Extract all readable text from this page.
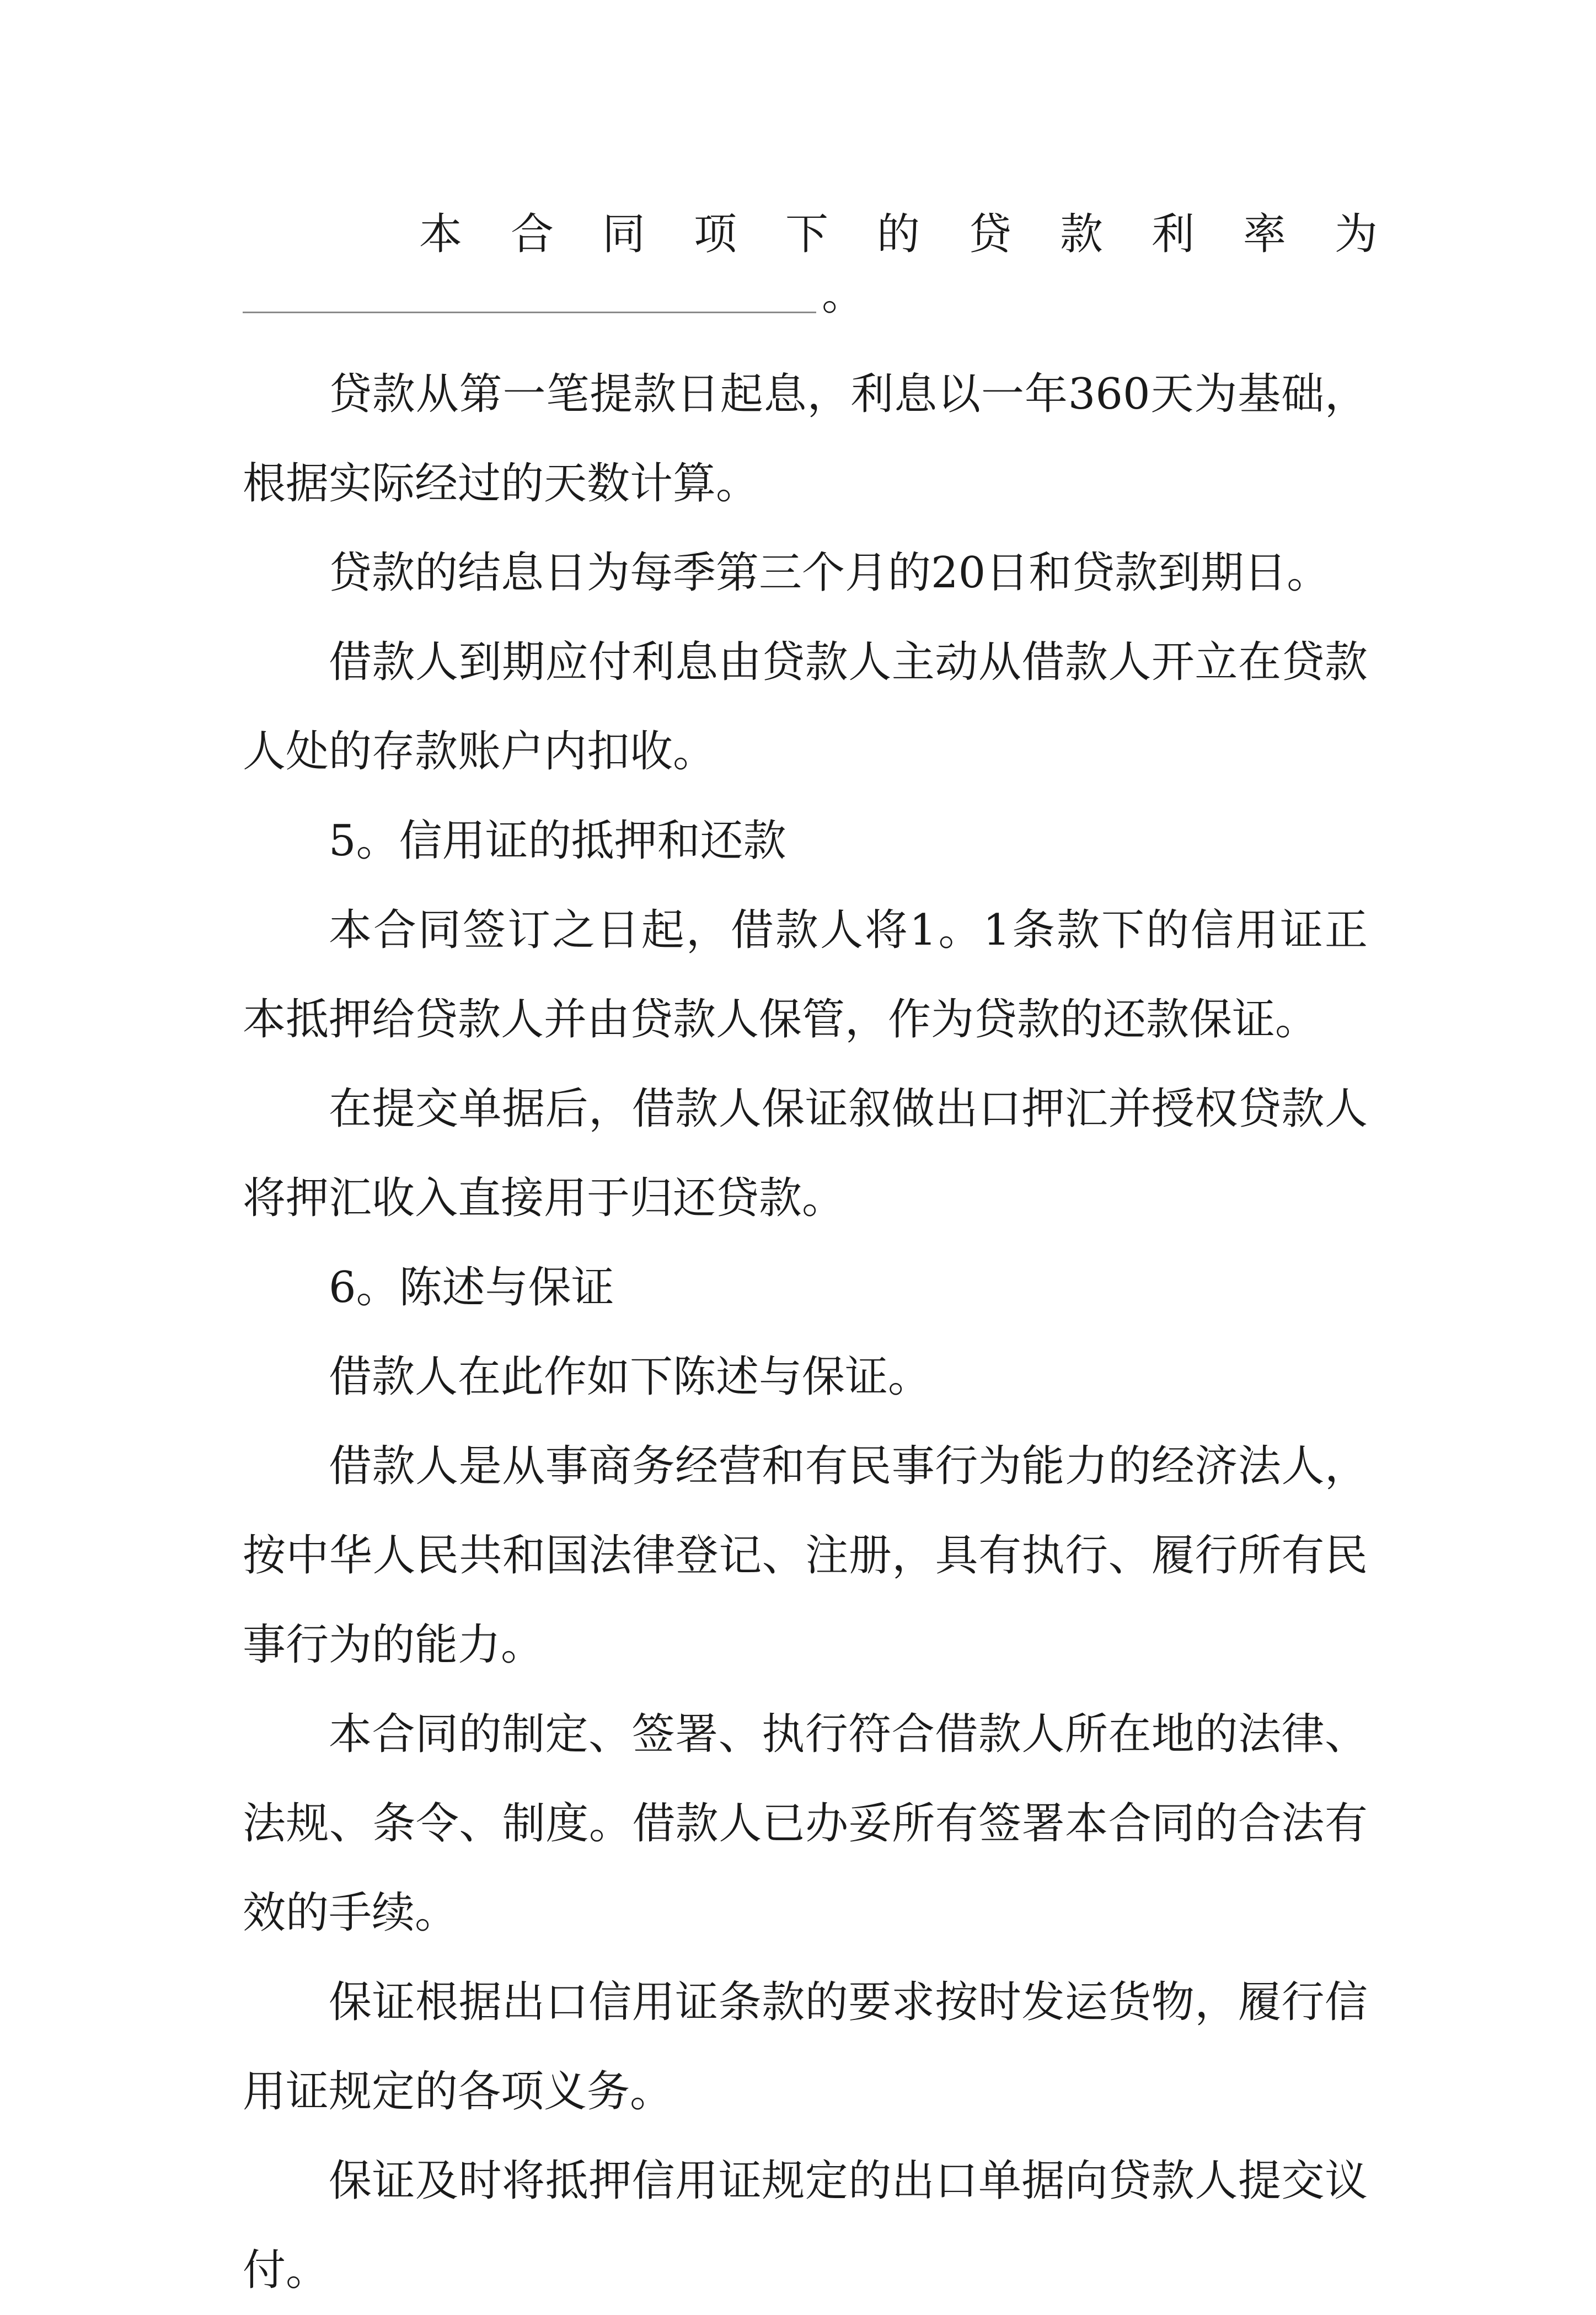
本合同项下的贷款利率为
。

贷款从第一笔提款日起息，利息以一年360天为基础，根据实际经过的天数计算。

贷款的结息日为每季第三个月的20日和贷款到期日。

借款人到期应付利息由贷款人主动从借款人开立在贷款人处的存款账户内扣收。

5。信用证的抵押和还款

本合同签订之日起，借款人将1。1条款下的信用证正本抵押给贷款人并由贷款人保管，作为贷款的还款保证。

在提交单据后，借款人保证叙做出口押汇并授权贷款人将押汇收入直接用于归还贷款。

6。陈述与保证

借款人在此作如下陈述与保证。

借款人是从事商务经营和有民事行为能力的经济法人，按中华人民共和国法律登记、注册，具有执行、履行所有民事行为的能力。

本合同的制定、签署、执行符合借款人所在地的法律、法规、条令、制度。借款人已办妥所有签署本合同的合法有效的手续。

保证根据出口信用证条款的要求按时发运货物，履行信用证规定的各项义务。

保证及时将抵押信用证规定的出口单据向贷款人提交议付。
